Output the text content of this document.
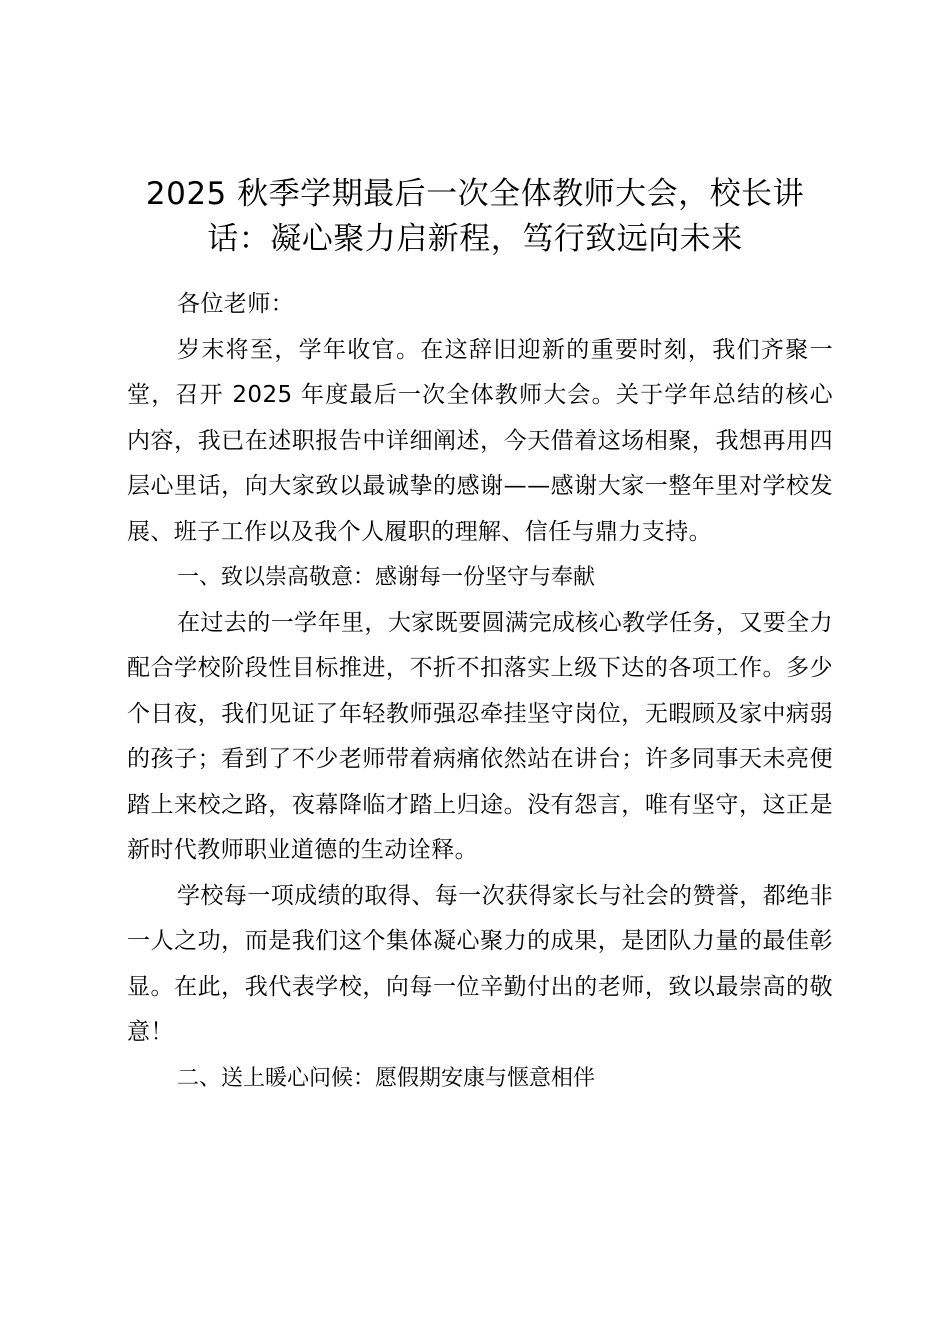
2025 秋季学期最后一次全体教师大会，校长讲话：凝心聚力启新程，笃行致远向未来

各位老师：

岁末将至，学年收官。在这辞旧迎新的重要时刻，我们齐聚一堂，召开 2025 年度最后一次全体教师大会。关于学年总结的核心内容，我已在述职报告中详细阐述，今天借着这场相聚，我想再用四层心里话，向大家致以最诚挚的感谢——感谢大家一整年里对学校发展、班子工作以及我个人履职的理解、信任与鼎力支持。

一、致以崇高敬意：感谢每一份坚守与奉献

在过去的一学年里，大家既要圆满完成核心教学任务，又要全力配合学校阶段性目标推进，不折不扣落实上级下达的各项工作。多少个日夜，我们见证了年轻教师强忍牵挂坚守岗位，无暇顾及家中病弱的孩子；看到了不少老师带着病痛依然站在讲台；许多同事天未亮便踏上来校之路，夜幕降临才踏上归途。没有怨言，唯有坚守，这正是新时代教师职业道德的生动诠释。

学校每一项成绩的取得、每一次获得家长与社会的赞誉，都绝非一人之功，而是我们这个集体凝心聚力的成果，是团队力量的最佳彰显。在此，我代表学校，向每一位辛勤付出的老师，致以最崇高的敬意！

二、送上暖心问候：愿假期安康与惬意相伴
